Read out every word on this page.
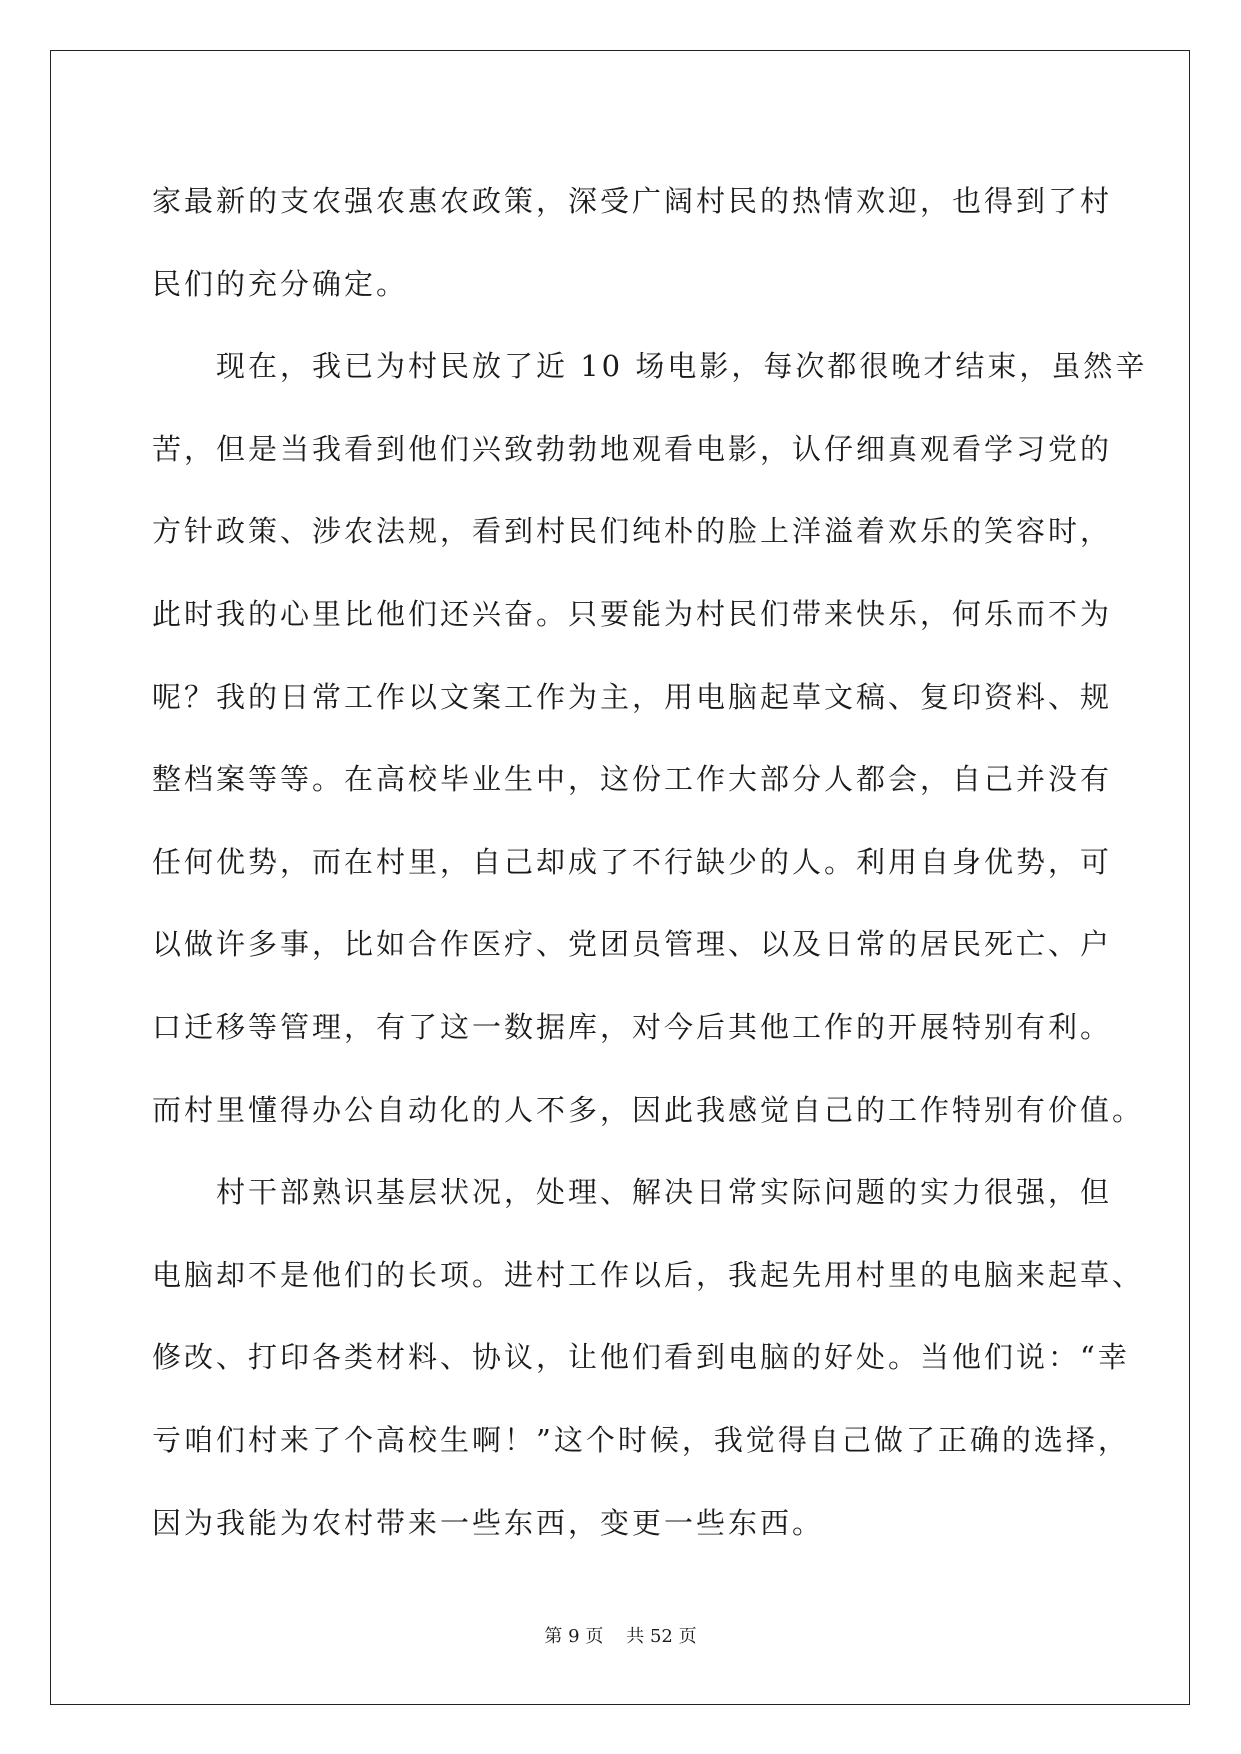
家最新的支农强农惠农政策，深受广阔村民的热情欢迎，也得到了村
民们的充分确定。

现在，我已为村民放了近 10 场电影，每次都很晚才结束，虽然辛
苦，但是当我看到他们兴致勃勃地观看电影，认仔细真观看学习党的
方针政策、涉农法规，看到村民们纯朴的脸上洋溢着欢乐的笑容时，
此时我的心里比他们还兴奋。只要能为村民们带来快乐，何乐而不为
呢？我的日常工作以文案工作为主，用电脑起草文稿、复印资料、规
整档案等等。在高校毕业生中，这份工作大部分人都会，自己并没有
任何优势，而在村里，自己却成了不行缺少的人。利用自身优势，可
以做许多事，比如合作医疗、党团员管理、以及日常的居民死亡、户
口迁移等管理，有了这一数据库，对今后其他工作的开展特别有利。
而村里懂得办公自动化的人不多，因此我感觉自己的工作特别有价值。

村干部熟识基层状况，处理、解决日常实际问题的实力很强，但
电脑却不是他们的长项。进村工作以后，我起先用村里的电脑来起草、
修改、打印各类材料、协议，让他们看到电脑的好处。当他们说：“幸
亏咱们村来了个高校生啊！”这个时候，我觉得自己做了正确的选择，
因为我能为农村带来一些东西，变更一些东西。

第 9 页 共 52 页
